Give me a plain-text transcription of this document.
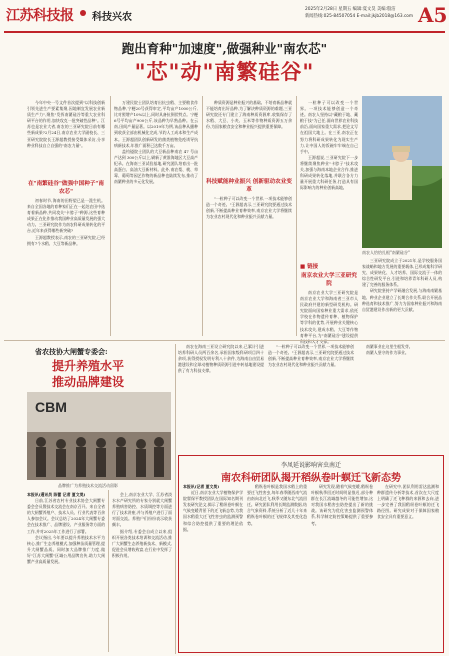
江苏科技报 科技兴农
2025年2月28日 星期五 编辑:夏文昊 美编:殷洁
新闻热线:025-84507054 E-mail:jkjb2018@163.com A5
跑出育种"加速度",做强种业"南农芯"
"芯"动"南繁硅谷"

今年中央一号文件首次提到"以科技创新引领先进生产要素集聚,因地制宜发展农业新质生产力",聚焦"发挥南繁硅谷等重大农业科研平台的作用,加快攻克一批突破性品种"。江苏也是农业大省,南农的三亚研究院日前有哪些新成果?2月24日,南京农业大学副校长、三亚研究院院长王源超教授接受媒体采访,分享种业科技自立自强的"南农力量"。

在"南繁硅谷"做强中国种子"南农芯"

初春时节,海南的田野望已是一派生机。来自全国各地的育种家们正在一起处农田中选育着新品种,共同攻关"卡脖子"种源,这些育种成果正在化作推动我国种业高质量发展的强大动力。三亚研究院作为南农科研成果转化的平台,近年来获得哪些新突破?

王源超教授表示,南农的三亚研究院,已经拥有7个水稻、大豆等新品种。

万建民院士团队培育出抗虫稻、主要粮食作物品种,宁粳20号获得审定,平均亩产1000公斤,比对照增产10%以上,同时具备抗倒伏特点。宁粳6号平均亩产900公斤,该品种为早熟品种。在云南,田间产量显著。以2019年为例,该品种从播种到收获全部由机械化完成,节约人工成本和生产成本。王源超团队创新研发的菌类植物免疫诱导抗病新技术,年推广面积已达数千万亩。

盖钧镒院士团队的大豆新品种南农 47 号亩产达到 300公斤以上,刷新了黄淮海地区大豆高产纪录。在海南三亚试验基地,研究团队培育出一批高蛋白、高油大豆新材料。此外,南农梨、桃、草莓、葡萄等园艺作物的新品种也陆续发布,推动了南繁种业的多元化发展。

种质资源是种业振兴的基础。不培育新品种就不能培育出好品种,为了解决种质资源的难题,三亚研究院还专门建立了海南种质资源库,收集保存了水稻、大豆、小麦、玉米等作物种质资源五万余份,为国家粮食安全和种业振兴提供重要保障。

科技赋能种业振兴 创新驱动农业变革

"一粒种子可以改变一个世界,一项技术能够创造一个奇迹。"王源超表示,三亚研究院要通过技术创新,不断提高种业育种效率,南京农业大学将继续为农业农村现代化和种业振兴贡献力量。

一粒种子可以改变一个世界。一项技术能够创造一个奇迹。南农人坚持以"藏粮于地、藏粮于技"为己任,面向世界农业科技前沿,面向国家重大需求,把论文写在祖国大地上。在三亚,南农正在努力将科研成果转化为现实生产力,让中国人的饭碗牢牢端在自己手中。

王源超说,三亚研究院下一步将继续聚焦种业"卡脖子"技术攻关,加强与海南本地企业合作,推进科研成果转化落地,并联合各方力量开展重大科研任务,打造具有国际影响力的种业创新高地。

■ 链接
南京农业大学三亚研究院

南京农业大学三亚研究院是南京农业大学和海南省三亚市人民政府共建的新型研发机构。研究院面向国家种业重大需求,依托学校在作物遗传育种、植物保护等学科的优势,开展种业关键核心技术攻关,建成水稻、大豆等作物育种平台,为"南繁硅谷"建设提供科技和人才支撑。

南农人恰恰扎根"南繁硅谷"

三亚研究院成立于2021年,是学校服务国家战略和地方发展的重要载体,已形成集科学研究、成果转化、人才培养、国际交流于一体的综合性研发平台,引进和培养青年科研人员,构建了完善的服务体系。

研究院坚持产学研融合发展,与海南南繁基地、种业企业建立了长期合作关系,联合开展品种选育和技术推广,努力为国家种业振兴和海南自贸港建设作出新的更大贡献。

省农技协大闸蟹专委会:
提升养殖水平
推动品牌建设
CBM
品牌推广为养殖技术交流活动留影

本报讯(通讯员 陈蕾 记者 夏文昊)

日前,江苏省农村专业技术协会大闸蟹专委会会员暨技术交流会在南京召开。来自全省的大闸蟹养殖户、技术人员、行业代表等百余人参加会议。会议总结了2024年大闸蟹专委会在技术推广、品牌建设、产业服务等方面的工作,并对2025年工作进行了部署。

会议指出,今年要以提升养殖技术水平为核心,推广生态养殖模式,加强种苗质量管理,提升大闸蟹品质。同时加大品牌推广力度,做好"江苏大闸蟹"区域公用品牌宣传,助力大闸蟹产业高质量发展。

会上,南京农业大学、江苏省淡水水产研究所的专家分别就大闸蟹养殖病害防控、水质调控等方面进行了技术讲座,并与养殖户进行了面对面交流。养殖户们纷纷表示收获颇丰。

据介绍,专委会自成立以来,组织开展各类技术培训和交流活动,推广大闸蟹生态养殖新技术、新模式,促进会员增收致富,在行业中发挥了积极作用。

南农在海南三亚设立研究院以来,已累计引进培养科研人员两百余名,承担国家级科研项目四十余项,获得授权发明专利八十余件,为海南自由贸易港建设和全球动植物种质资源引进中转基地建设提供了有力科技支撑。

"一粒种子可以改变一个世界,一项技术能够创造一个奇迹。"王源超表示,三亚研究院要通过技术创新,不断提高种业育种效率,南京农业大学将继续为农业农村现代化和种业振兴贡献力量。

南繁事业在这里生根发芽。

南繁人坚守的作为事业。

李凤延说影响害虫南迁
南农科研团队揭开稻纵卷叶螟迁飞新态势

本报讯(记者 夏文昊)

近日,南京农业大学植物保护学院翟保平教授团队在国际知名期刊发表研究论文,揭示了稻纵卷叶螟在气候变暖背景下的迁飞新态势,为我国水稻重大迁飞性害虫的监测预警和综合防控提供了重要的理论依据。

稻纵卷叶螟是我国水稻上的重要迁飞性害虫,每年春季随西南气流由南向北迁飞,秋季又随东北气流回迁。研究团队利用长期监测数据,结合气象资料,系统分析了近几十年来稻纵卷叶螟的迁飞规律及其变化趋势。

研究发现,随着气候变暖,稻纵卷叶螟秋季回迁时间明显推迟,部分种群在长江流域越冬的可能性增加,这对我国水稻害虫防控提出了新的挑战。该研究为优化害虫监测预警体系,科学制定防控策略提供了重要参考。

在研究中,团队利用雷达监测和种群遗传分析等技术,首次在大尺度上明确了迁飞种群的来源和去向,进一步完善了我国稻纵卷叶螟的迁飞路径图。研究成果对于保障国家粮食安全具有重要意义。
